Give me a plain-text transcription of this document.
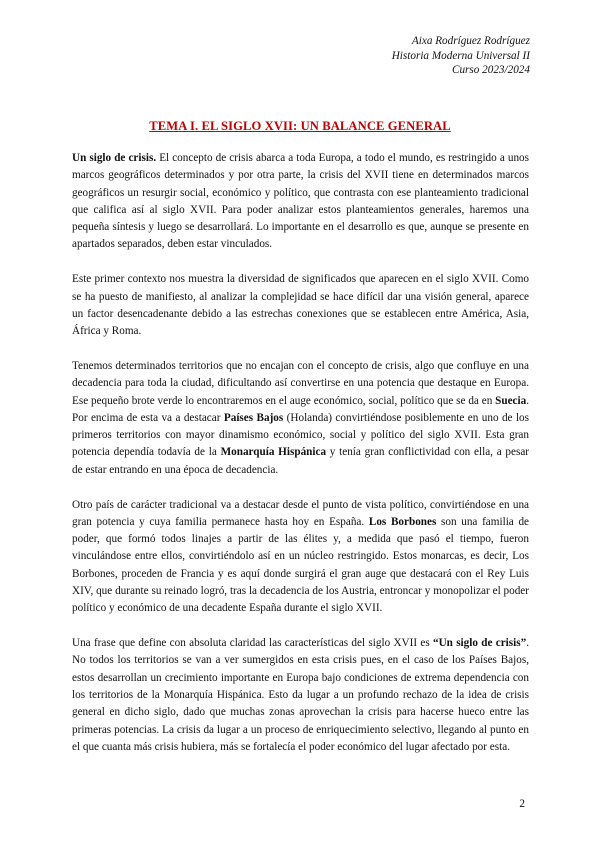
Aixa Rodríguez Rodríguez
Historia Moderna Universal II
Curso 2023/2024
TEMA I. EL SIGLO XVII: UN BALANCE GENERAL

Un siglo de crisis. El concepto de crisis abarca a toda Europa, a todo el mundo, es restringido a unos marcos geográficos determinados y por otra parte, la crisis del XVII tiene en determinados marcos geográficos un resurgir social, económico y político, que contrasta con ese planteamiento tradicional que califica así al siglo XVII. Para poder analizar estos planteamientos generales, haremos una pequeña síntesis y luego se desarrollará. Lo importante en el desarrollo es que, aunque se presente en apartados separados, deben estar vinculados.

Este primer contexto nos muestra la diversidad de significados que aparecen en el siglo XVII. Como se ha puesto de manifiesto, al analizar la complejidad se hace difícil dar una visión general, aparece un factor desencadenante debido a las estrechas conexiones que se establecen entre América, Asia, África y Roma.

Tenemos determinados territorios que no encajan con el concepto de crisis, algo que confluye en una decadencia para toda la ciudad, dificultando así convertirse en una potencia que destaque en Europa. Ese pequeño brote verde lo encontraremos en el auge económico, social, político que se da en Suecia. Por encima de esta va a destacar Países Bajos (Holanda) convirtiéndose posiblemente en uno de los primeros territorios con mayor dinamismo económico, social y político del siglo XVII. Esta gran potencia dependía todavía de la Monarquía Hispánica y tenía gran conflictividad con ella, a pesar de estar entrando en una época de decadencia.

Otro país de carácter tradicional va a destacar desde el punto de vista político, convirtiéndose en una gran potencia y cuya familia permanece hasta hoy en España. Los Borbones son una familia de poder, que formó todos linajes a partir de las élites y, a medida que pasó el tiempo, fueron vinculándose entre ellos, convirtiéndolo así en un núcleo restringido. Estos monarcas, es decir, Los Borbones, proceden de Francia y es aquí donde surgirá el gran auge que destacará con el Rey Luis XIV, que durante su reinado logró, tras la decadencia de los Austria, entroncar y monopolizar el poder político y económico de una decadente España durante el siglo XVII.

Una frase que define con absoluta claridad las características del siglo XVII es “Un siglo de crisis”. No todos los territorios se van a ver sumergidos en esta crisis pues, en el caso de los Países Bajos, estos desarrollan un crecimiento importante en Europa bajo condiciones de extrema dependencia con los territorios de la Monarquía Hispánica. Esto da lugar a un profundo rechazo de la idea de crisis general en dicho siglo, dado que muchas zonas aprovechan la crisis para hacerse hueco entre las primeras potencias. La crisis da lugar a un proceso de enriquecimiento selectivo, llegando al punto en el que cuanta más crisis hubiera, más se fortalecía el poder económico del lugar afectado por esta.

2
